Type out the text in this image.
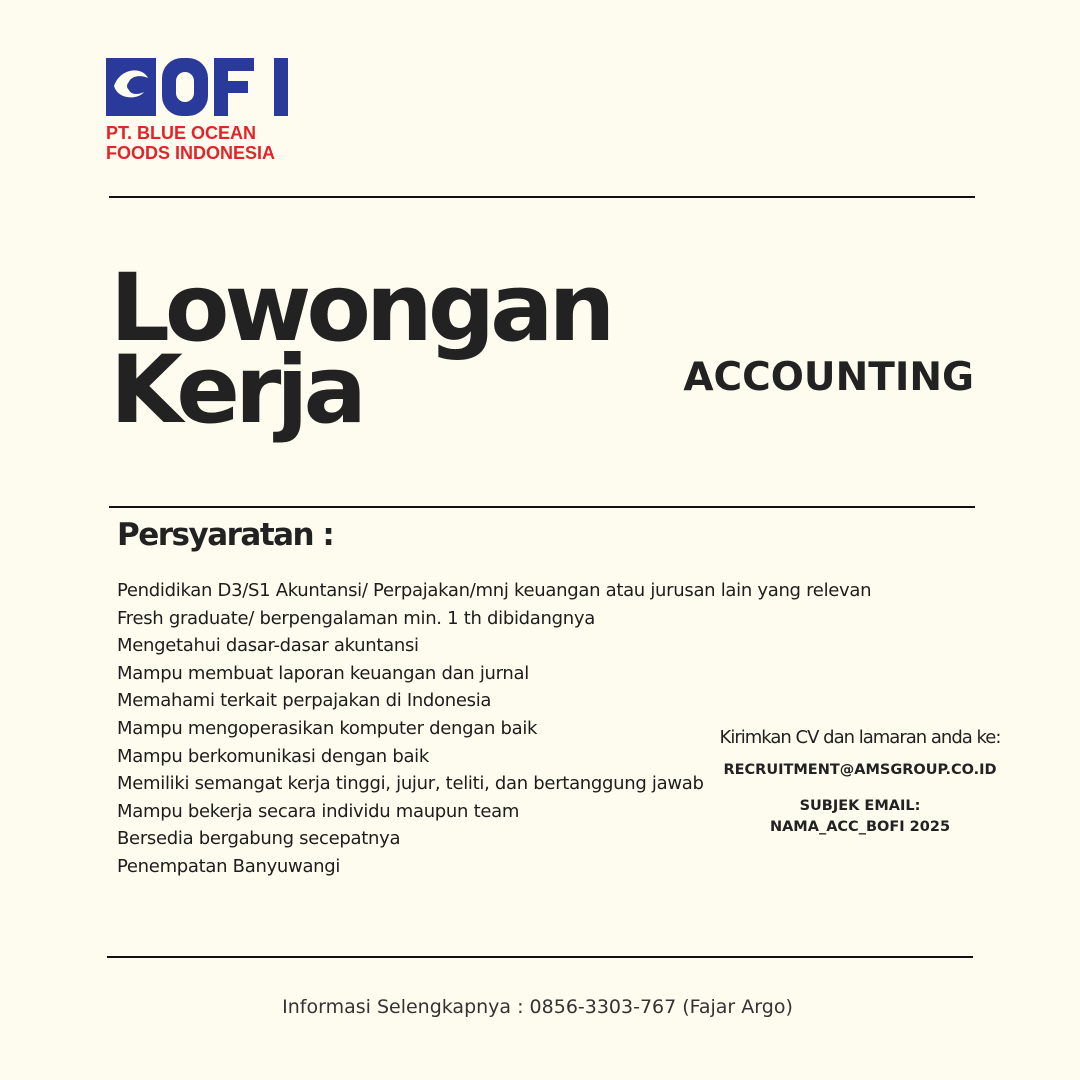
PT. BLUE OCEAN
FOODS INDONESIA
Lowongan
Kerja	ACCOUNTING
Persyaratan :
Pendidikan D3/S1 Akuntansi/ Perpajakan/mnj keuangan atau jurusan lain yang relevan
Fresh graduate/ berpengalaman min. 1 th dibidangnya
Mengetahui dasar-dasar akuntansi
Mampu membuat laporan keuangan dan jurnal
Memahami terkait perpajakan di Indonesia
Mampu mengoperasikan komputer dengan baik
Mampu berkomunikasi dengan baik
Memiliki semangat kerja tinggi, jujur, teliti, dan bertanggung jawab
Mampu bekerja secara individu maupun team
Bersedia bergabung secepatnya
Penempatan Banyuwangi
Kirimkan CV dan lamaran anda ke:
RECRUITMENT@AMSGROUP.CO.ID
SUBJEK EMAIL:
NAMA_ACC_BOFI 2025
Informasi Selengkapnya : 0856-3303-767 (Fajar Argo)
